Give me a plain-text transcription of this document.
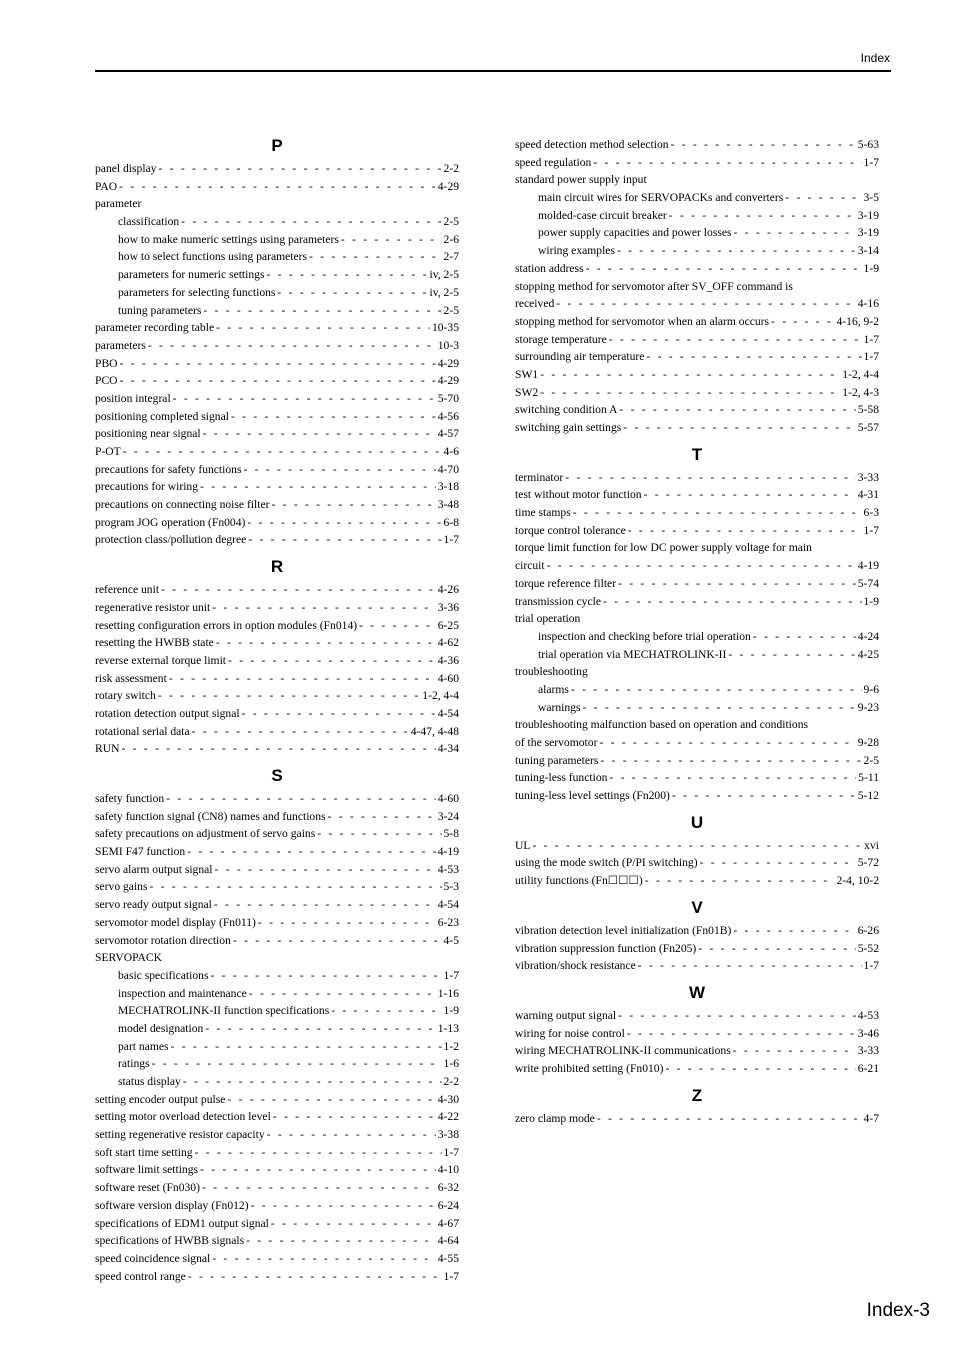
Index
P
panel display - - -	2-2
PAO - - -	4-29
parameter
classification - - -	2-5
how to make numeric settings using parameters - - -	2-6
how to select functions using parameters - - -	2-7
parameters for numeric settings - - -	iv, 2-5
parameters for selecting functions - - -	iv, 2-5
tuning parameters - - -	2-5
parameter recording table - - -	10-35
parameters - - -	10-3
PBO - - -	4-29
PCO - - -	4-29
position integral - - -	5-70
positioning completed signal - - -	4-56
positioning near signal - - -	4-57
P-OT - - -	4-6
precautions for safety functions - - -	4-70
precautions for wiring - - -	3-18
precautions on connecting noise filter - - -	3-48
program JOG operation (Fn004) - - -	6-8
protection class/pollution degree - - -	1-7
R
reference unit - - -	4-26
regenerative resistor unit - - -	3-36
resetting configuration errors in option modules (Fn014) - - -	6-25
resetting the HWBB state - - -	4-62
reverse external torque limit - - -	4-36
risk assessment - - -	4-60
rotary switch - - -	1-2, 4-4
rotation detection output signal - - -	4-54
rotational serial data - - -	4-47, 4-48
RUN - - -	4-34
S
safety function - - -	4-60
safety function signal (CN8) names and functions - - -	3-24
safety precautions on adjustment of servo gains - - -	5-8
SEMI F47 function - - -	4-19
servo alarm output signal - - -	4-53
servo gains - - -	5-3
servo ready output signal - - -	4-54
servomotor model display (Fn011) - - -	6-23
servomotor rotation direction - - -	4-5
SERVOPACK
basic specifications - - -	1-7
inspection and maintenance - - -	1-16
MECHATROLINK-II function specifications - - -	1-9
model designation - - -	1-13
part names - - -	1-2
ratings - - -	1-6
status display - - -	2-2
setting encoder output pulse - - -	4-30
setting motor overload detection level - - -	4-22
setting regenerative resistor capacity - - -	3-38
soft start time setting - - -	1-7
software limit settings - - -	4-10
software reset (Fn030) - - -	6-32
software version display (Fn012) - - -	6-24
specifications of EDM1 output signal - - -	4-67
specifications of HWBB signals - - -	4-64
speed coincidence signal - - -	4-55
speed control range - - -	1-7
speed detection method selection - - -	5-63
speed regulation - - -	1-7
standard power supply input
main circuit wires for SERVOPACKs and converters - - -	3-5
molded-case circuit breaker - - -	3-19
power supply capacities and power losses - - -	3-19
wiring examples - - -	3-14
station address - - -	1-9
stopping method for servomotor after SV_OFF command is
received - - -	4-16
stopping method for servomotor when an alarm occurs - - -	4-16, 9-2
storage temperature - - -	1-7
surrounding air temperature - - -	1-7
SW1 - - -	1-2, 4-4
SW2 - - -	1-2, 4-3
switching condition A - - -	5-58
switching gain settings - - -	5-57
T
terminator - - -	3-33
test without motor function - - -	4-31
time stamps - - -	6-3
torque control tolerance - - -	1-7
torque limit function for low DC power supply voltage for main
circuit - - -	4-19
torque reference filter - - -	5-74
transmission cycle - - -	1-9
trial operation
inspection and checking before trial operation - - -	4-24
trial operation via MECHATROLINK-II - - -	4-25
troubleshooting
alarms - - -	9-6
warnings - - -	9-23
troubleshooting malfunction based on operation and conditions
of the servomotor - - -	9-28
tuning parameters - - -	2-5
tuning-less function - - -	5-11
tuning-less level settings (Fn200) - - -	5-12
U
UL - - -	xvi
using the mode switch (P/PI switching) - - -	5-72
utility functions (Fn☐☐☐) - - -	2-4, 10-2
V
vibration detection level initialization (Fn01B) - - -	6-26
vibration suppression function (Fn205) - - -	5-52
vibration/shock resistance - - -	1-7
W
warning output signal - - -	4-53
wiring for noise control - - -	3-46
wiring MECHATROLINK-II communications - - -	3-33
write prohibited setting (Fn010) - - -	6-21
Z
zero clamp mode - - -	4-7
Index-3
